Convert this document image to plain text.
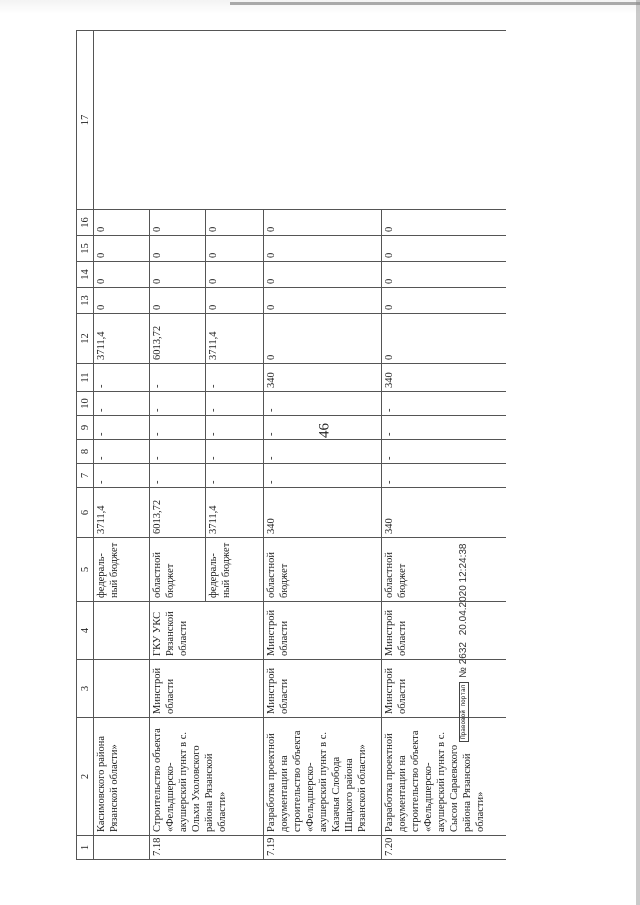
46
1	2	3	4	5	6	7	8	9	10	11	12	13	14	15	16	17
	Касимовского района Рязанской области»			федераль-ный бюджет	3711,4	-	-	-	-	-	3711,4	0	0	0	0	
7.18	Строительство объекта «Фельдшерско-акушерский пункт в с. Ольхи Ухоловского района Рязанской области»	Минстрой области	ГКУ УКС Рязанской области	областной бюджет	6013,72	-	-	-	-	-	6013,72	0	0	0	0	
				федераль-ный бюджет	3711,4	-	-	-	-	-	3711,4	0	0	0	0	
7.19	Разработка проектной документации на строительство объекта «Фельдшерско-акушерский пункт в с. Казачья Слобода Шацкого района Рязанской области»	Минстрой области	Минстрой области	областной бюджет	340	-	-	-	-	340	0	0	0	0	0	
7.20	Разработка проектной документации на строительство объекта «Фельдшерско-акушерский пункт в с. Сысои Сараевского района Рязанской области»	Минстрой области	Минстрой области	областной бюджет	340	-	-	-	-	340	0	0	0	0	0	
Правовой портал
№ 2632 20.04.2020 12:24:38
